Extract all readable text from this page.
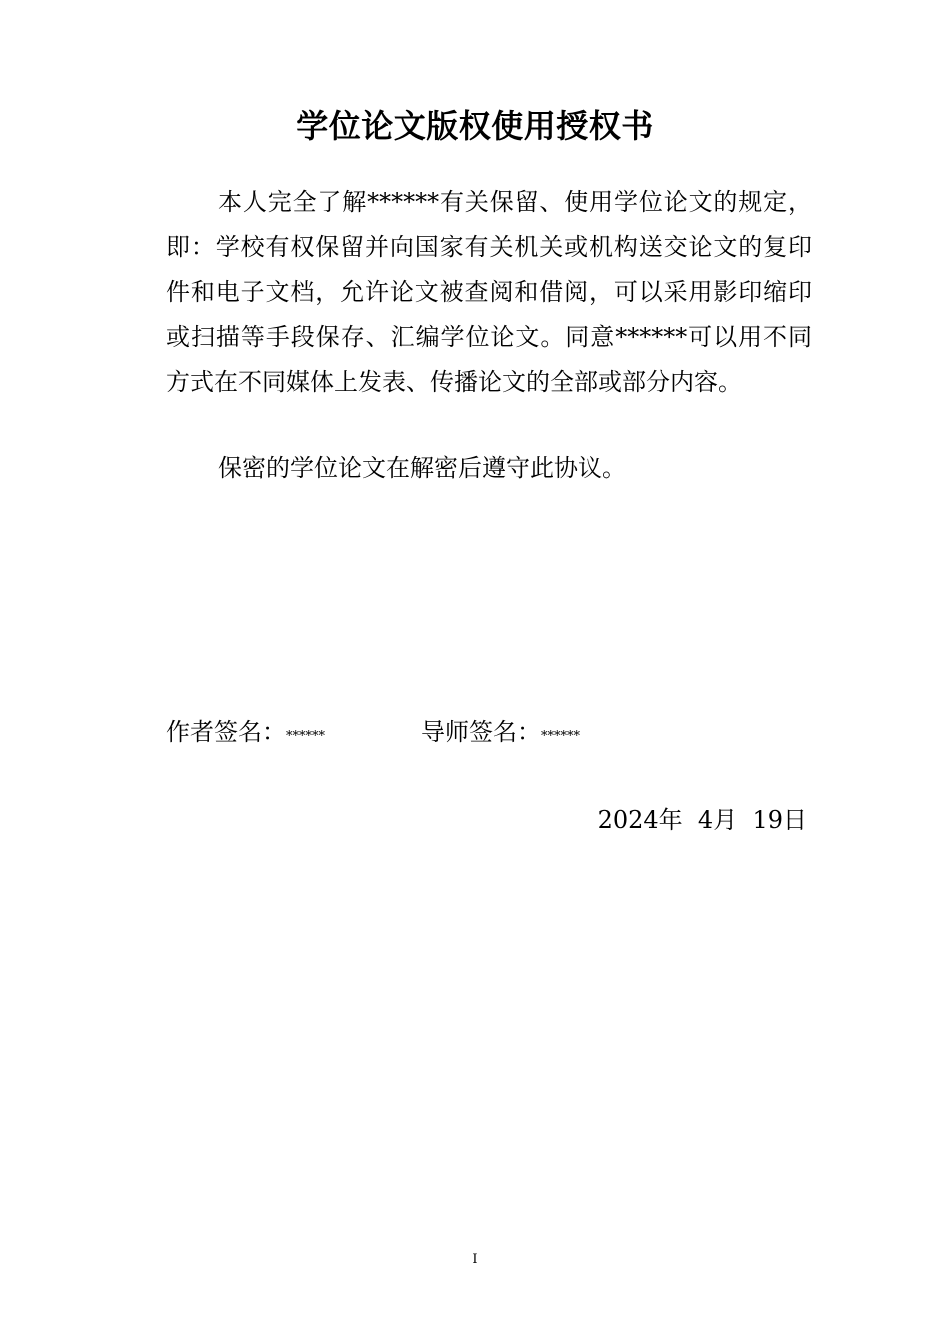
学位论文版权使用授权书

本人完全了解******有关保留、使用学位论文的规定，即：学校有权保留并向国家有关机关或机构送交论文的复印件和电子文档，允许论文被查阅和借阅，可以采用影印缩印或扫描等手段保存、汇编学位论文。同意******可以用不同方式在不同媒体上发表、传播论文的全部或部分内容。

保密的学位论文在解密后遵守此协议。

作者签名：******	导师签名：******
2024年 4月 19日
I
